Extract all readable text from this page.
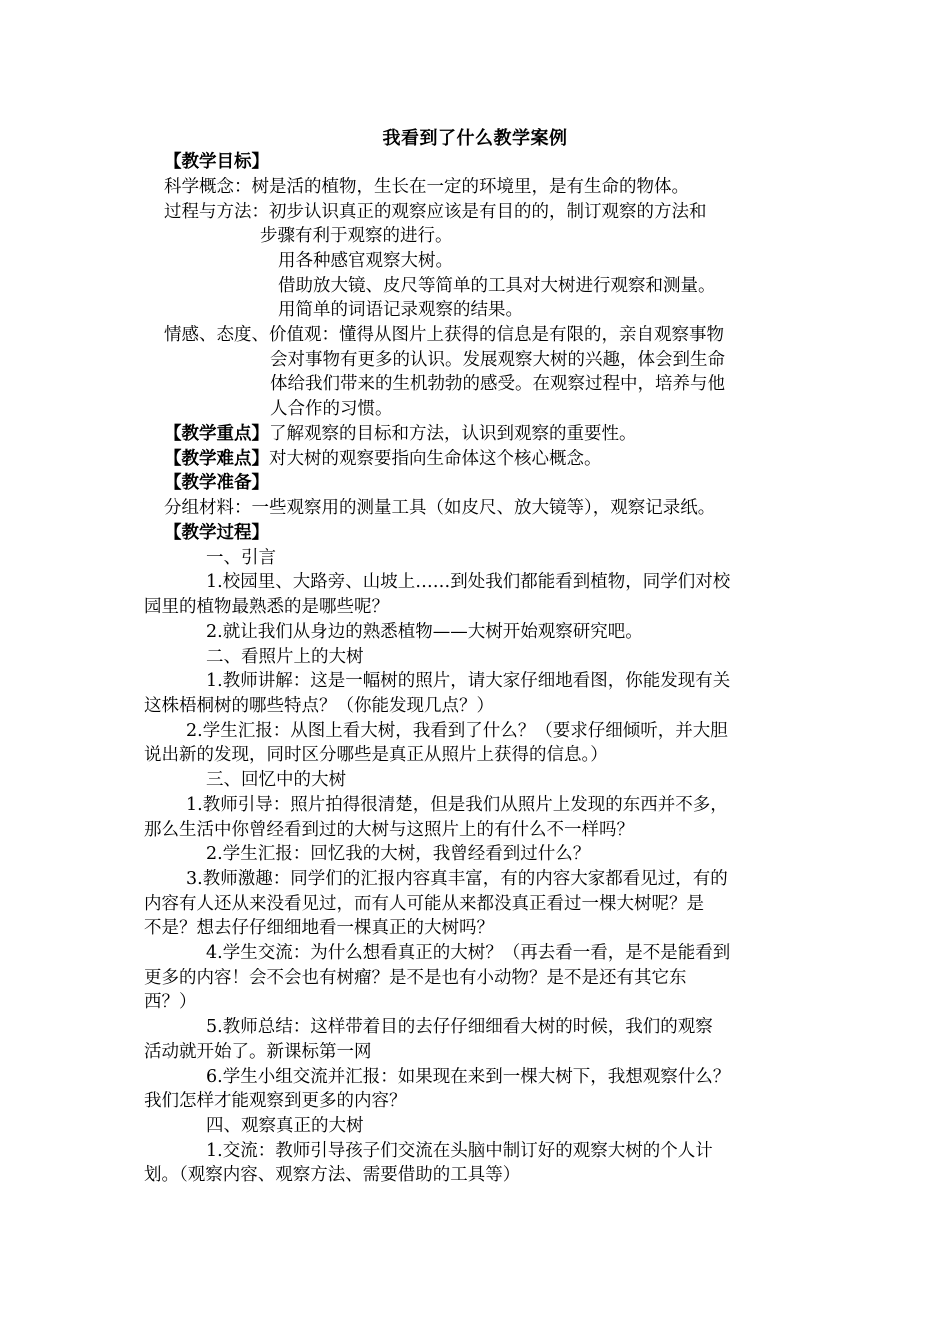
我看到了什么教学案例
【教学目标】
科学概念：树是活的植物，生长在一定的环境里，是有生命的物体。
过程与方法：初步认识真正的观察应该是有目的的，制订观察的方法和
步骤有利于观察的进行。
用各种感官观察大树。
借助放大镜、皮尺等简单的工具对大树进行观察和测量。
用简单的词语记录观察的结果。
情感、态度、价值观：懂得从图片上获得的信息是有限的，亲自观察事物
会对事物有更多的认识。发展观察大树的兴趣，体会到生命
体给我们带来的生机勃勃的感受。在观察过程中，培养与他
人合作的习惯。
【教学重点】了解观察的目标和方法，认识到观察的重要性。
【教学难点】对大树的观察要指向生命体这个核心概念。
【教学准备】
分组材料：一些观察用的测量工具（如皮尺、放大镜等），观察记录纸。
【教学过程】
一、引言
1.校园里、大路旁、山坡上……到处我们都能看到植物，同学们对校
园里的植物最熟悉的是哪些呢？
2.就让我们从身边的熟悉植物——大树开始观察研究吧。
二、看照片上的大树
1.教师讲解：这是一幅树的照片，请大家仔细地看图，你能发现有关
这株梧桐树的哪些特点？（你能发现几点？）
2.学生汇报：从图上看大树，我看到了什么？（要求仔细倾听，并大胆
说出新的发现，同时区分哪些是真正从照片上获得的信息。）
三、回忆中的大树
1.教师引导：照片拍得很清楚，但是我们从照片上发现的东西并不多，
那么生活中你曾经看到过的大树与这照片上的有什么不一样吗？
2.学生汇报：回忆我的大树，我曾经看到过什么？
3.教师激趣：同学们的汇报内容真丰富，有的内容大家都看见过，有的
内容有人还从来没看见过，而有人可能从来都没真正看过一棵大树呢？是
不是？想去仔仔细细地看一棵真正的大树吗？
4.学生交流：为什么想看真正的大树？（再去看一看，是不是能看到
更多的内容！会不会也有树瘤？是不是也有小动物？是不是还有其它东
西？）
5.教师总结：这样带着目的去仔仔细细看大树的时候，我们的观察
活动就开始了。新课标第一网
6.学生小组交流并汇报：如果现在来到一棵大树下，我想观察什么？
我们怎样才能观察到更多的内容？
四、观察真正的大树
1.交流：教师引导孩子们交流在头脑中制订好的观察大树的个人计
划。（观察内容、观察方法、需要借助的工具等）
